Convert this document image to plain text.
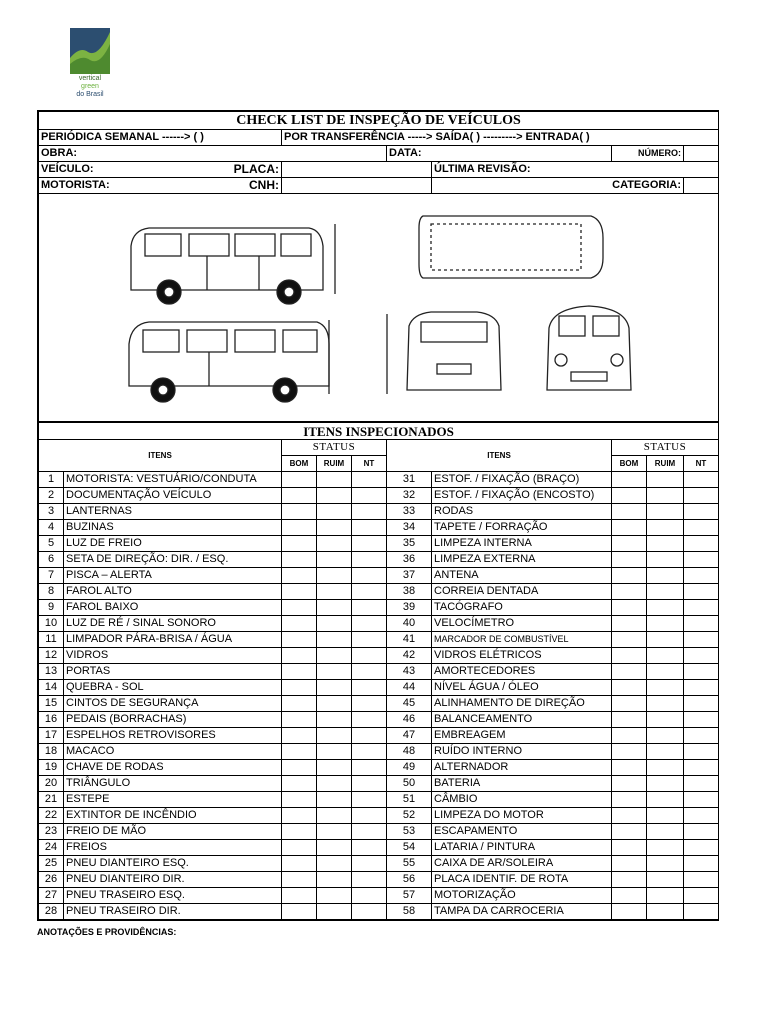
vertical
green
do Brasil
CHECK LIST DE INSPEÇÃO DE VEÍCULOS					
PERIÓDICA SEMANAL ------> ( )	POR TRANSFERÊNCIA -----> SAÍDA( ) ---------> ENTRADA( )				
OBRA:		DATA:		NÚMERO:	
VEÍCULO: PLACA:			ÚLTIMA REVISÃO:		
MOTORISTA: CNH:			CATEGORIA:		

ITENS INSPECIONADOS									
ITENS		STATUS			ITENS		STATUS		
		BOM	RUIM	NT			BOM	RUIM	NT
1	MOTORISTA: VESTUÁRIO/CONDUTA				31	ESTOF. / FIXAÇÃO (BRAÇO)			
2	DOCUMENTAÇÃO VEÍCULO				32	ESTOF. / FIXAÇÃO (ENCOSTO)			
3	LANTERNAS				33	RODAS			
4	BUZINAS				34	TAPETE / FORRAÇÃO			
5	LUZ DE FREIO				35	LIMPEZA INTERNA			
6	SETA DE DIREÇÃO: DIR. / ESQ.				36	LIMPEZA EXTERNA			
7	PISCA – ALERTA				37	ANTENA			
8	FAROL ALTO				38	CORREIA DENTADA			
9	FAROL BAIXO				39	TACÓGRAFO			
10	LUZ DE RÉ / SINAL SONORO				40	VELOCÍMETRO			
11	LIMPADOR PÁRA-BRISA / ÁGUA				41	MARCADOR DE COMBUSTÍVEL			
12	VIDROS				42	VIDROS ELÉTRICOS			
13	PORTAS				43	AMORTECEDORES			
14	QUEBRA - SOL				44	NÍVEL ÁGUA / ÓLEO			
15	CINTOS DE SEGURANÇA				45	ALINHAMENTO DE DIREÇÃO			
16	PEDAIS (BORRACHAS)				46	BALANCEAMENTO			
17	ESPELHOS RETROVISORES				47	EMBREAGEM			
18	MACACO				48	RUÍDO INTERNO			
19	CHAVE DE RODAS				49	ALTERNADOR			
20	TRIÂNGULO				50	BATERIA			
21	ESTEPE				51	CÂMBIO			
22	EXTINTOR DE INCÊNDIO				52	LIMPEZA DO MOTOR			
23	FREIO DE MÃO				53	ESCAPAMENTO			
24	FREIOS				54	LATARIA / PINTURA			
25	PNEU DIANTEIRO ESQ.				55	CAIXA DE AR/SOLEIRA			
26	PNEU DIANTEIRO DIR.				56	PLACA IDENTIF. DE ROTA			
27	PNEU TRASEIRO ESQ.				57	MOTORIZAÇÃO			
28	PNEU TRASEIRO DIR.				58	TAMPA DA CARROCERIA			
ANOTAÇÕES E PROVIDÊNCIAS:
